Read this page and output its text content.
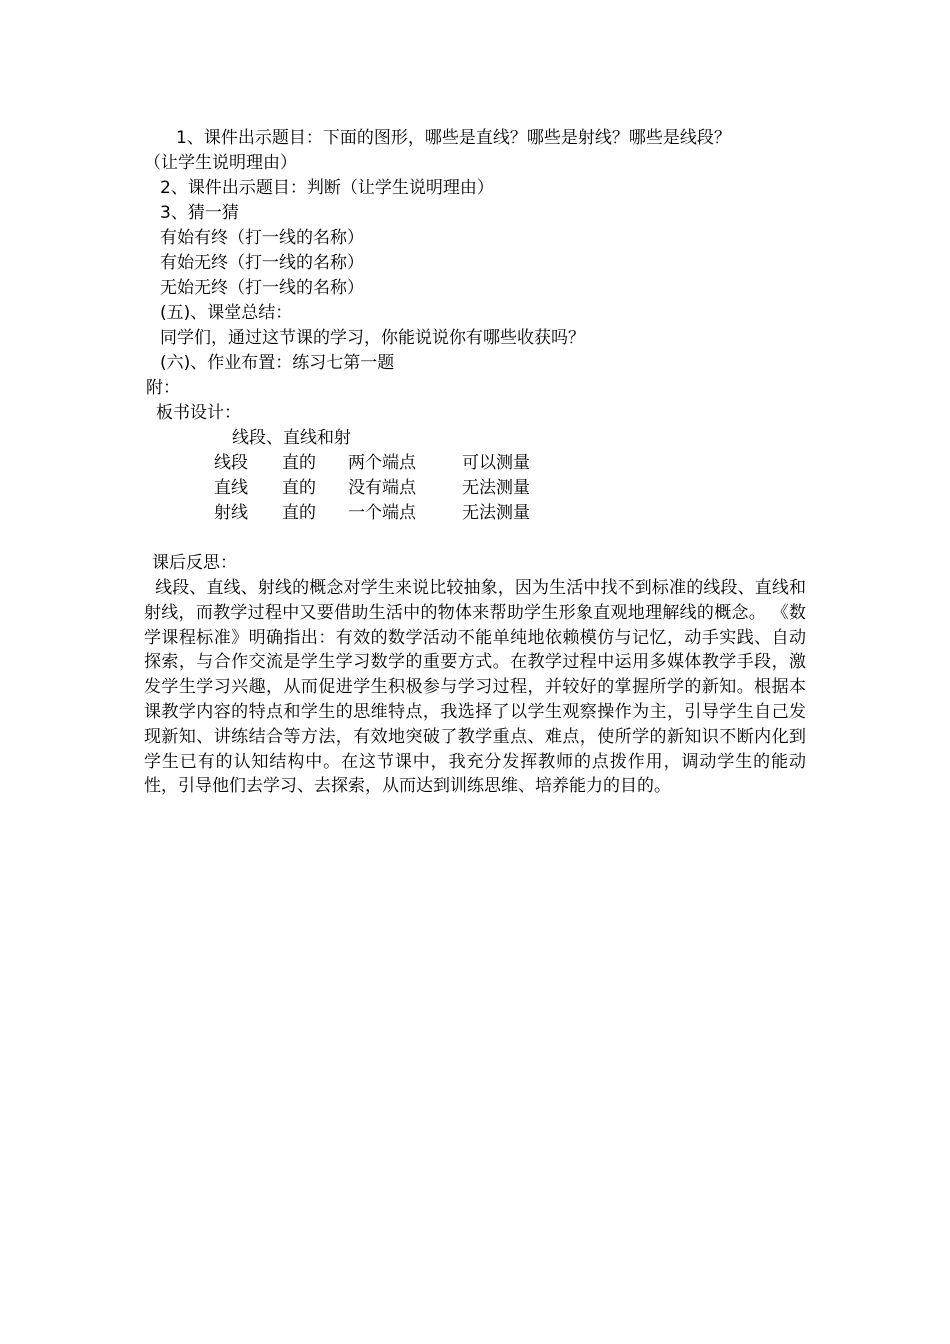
1、课件出示题目：下面的图形，哪些是直线？哪些是射线？哪些是线段？
（让学生说明理由）
2、课件出示题目：判断（让学生说明理由）
3、猜一猜
有始有终（打一线的名称）
有始无终（打一线的名称）
无始无终（打一线的名称）
(五)、课堂总结：
同学们，通过这节课的学习，你能说说你有哪些收获吗？
(六)、作业布置：练习七第一题
附：
板书设计：
线段、直线和射
线段 直的 两个端点	可以测量
直线 直的 没有端点	无法测量
射线 直的 一个端点	无法测量
课后反思：
线段、直线、射线的概念对学生来说比较抽象，因为生活中找不到标准的线段、直线和射线，而教学过程中又要借助生活中的物体来帮助学生形象直观地理解线的概念。 《数学课程标准》明确指出：有效的数学活动不能单纯地依赖模仿与记忆，动手实践、自动探索，与合作交流是学生学习数学的重要方式。在教学过程中运用多媒体教学手段，激发学生学习兴趣，从而促进学生积极参与学习过程，并较好的掌握所学的新知。根据本课教学内容的特点和学生的思维特点，我选择了以学生观察操作为主，引导学生自己发现新知、讲练结合等方法，有效地突破了教学重点、难点，使所学的新知识不断内化到学生已有的认知结构中。在这节课中，我充分发挥教师的点拨作用，调动学生的能动性，引导他们去学习、去探索，从而达到训练思维、培养能力的目的。
